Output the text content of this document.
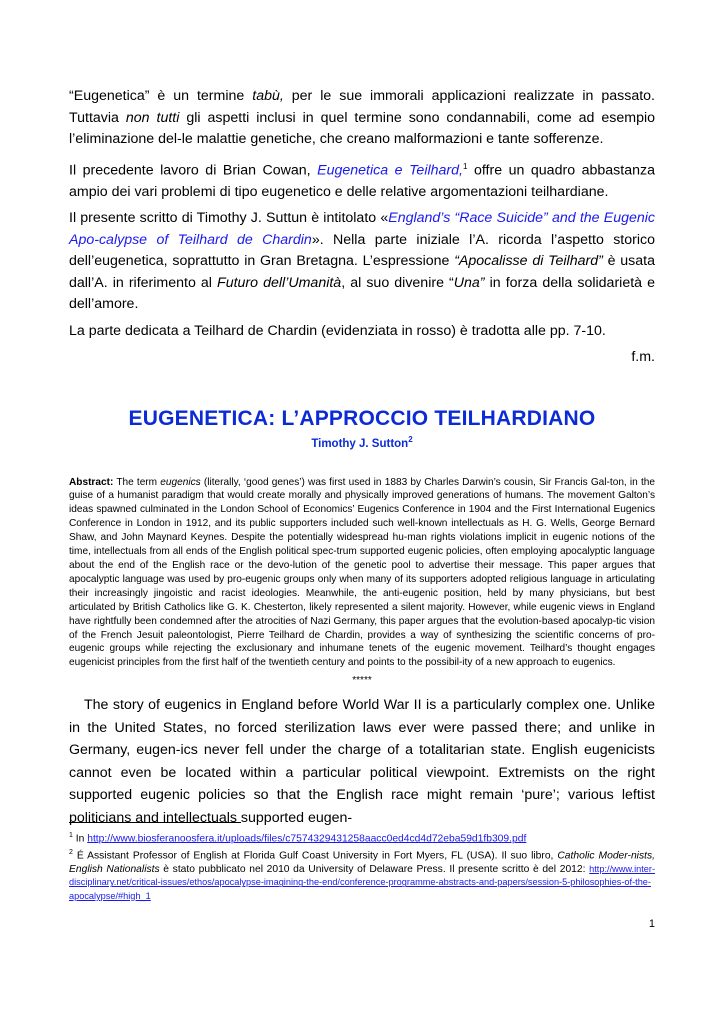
“Eugenetica” è un termine tabù, per le sue immorali applicazioni realizzate in passato. Tuttavia non tutti gli aspetti inclusi in quel termine sono condannabili, come ad esempio l’eliminazione del-le malattie genetiche, che creano malformazioni e tante sofferenze.

Il precedente lavoro di Brian Cowan, Eugenetica e Teilhard,$^1$ offre un quadro abbastanza ampio dei vari problemi di tipo eugenetico e delle relative argomentazioni teilhardiane.

Il presente scritto di Timothy J. Suttun è intitolato «England’s “Race Suicide” and the Eugenic Apo-calypse of Teilhard de Chardin». Nella parte iniziale l’A. ricorda l’aspetto storico dell’eugenetica, soprattutto in Gran Bretagna. L’espressione “Apocalisse di Teilhard” è usata dall’A. in riferimento al Futuro dell’Umanità, al suo divenire “Una” in forza della solidarietà e dell’amore.

La parte dedicata a Teilhard de Chardin (evidenziata in rosso) è tradotta alle pp. 7-10.

f.m.

EUGENETICA: L’APPROCCIO TEILHARDIANO
Timothy J. Sutton$^2$

Abstract: The term eugenics (literally, ‘good genes’) was first used in 1883 by Charles Darwin’s cousin, Sir Francis Gal-ton, in the guise of a humanist paradigm that would create morally and physically improved generations of humans. The movement Galton’s ideas spawned culminated in the London School of Economics’ Eugenics Conference in 1904 and the First International Eugenics Conference in London in 1912, and its public supporters included such well-known intellectuals as H. G. Wells, George Bernard Shaw, and John Maynard Keynes. Despite the potentially widespread hu-man rights violations implicit in eugenic notions of the time, intellectuals from all ends of the English political spec-trum supported eugenic policies, often employing apocalyptic language about the end of the English race or the devo-lution of the genetic pool to advertise their message. This paper argues that apocalyptic language was used by pro-eugenic groups only when many of its supporters adopted religious language in articulating their increasingly jingoistic and racist ideologies. Meanwhile, the anti-eugenic position, held by many physicians, but best articulated by British Catholics like G. K. Chesterton, likely represented a silent majority. However, while eugenic views in England have rightfully been condemned after the atrocities of Nazi Germany, this paper argues that the evolution-based apocalyp-tic vision of the French Jesuit paleontologist, Pierre Teilhard de Chardin, provides a way of synthesizing the scientific concerns of pro-eugenic groups while rejecting the exclusionary and inhumane tenets of the eugenic movement. Teilhard’s thought engages eugenicist principles from the first half of the twentieth century and points to the possibil-ity of a new approach to eugenics.

*****

The story of eugenics in England before World War II is a particularly complex one. Unlike in the United States, no forced sterilization laws ever were passed there; and unlike in Germany, eugen-ics never fell under the charge of a totalitarian state. English eugenicists cannot even be located within a particular political viewpoint. Extremists on the right supported eugenic policies so that the English race might remain ‘pure’; various leftist politicians and intellectuals supported eugen-

$^1$ In http://www.biosferanoosfera.it/uploads/files/c7574329431258aacc0ed4cd4d72eba59d1fb309.pdf

$^2$ É Assistant Professor of English at Florida Gulf Coast University in Fort Myers, FL (USA). Il suo libro, Catholic Moder-nists, English Nationalists è stato pubblicato nel 2010 da University of Delaware Press. Il presente scritto è del 2012: http://www.inter-disciplinary.net/critical-issues/ethos/apocalypse-imagining-the-end/conference-programme-abstracts-and-papers/session-5-philosophies-of-the-apocalypse/#high_1

1
